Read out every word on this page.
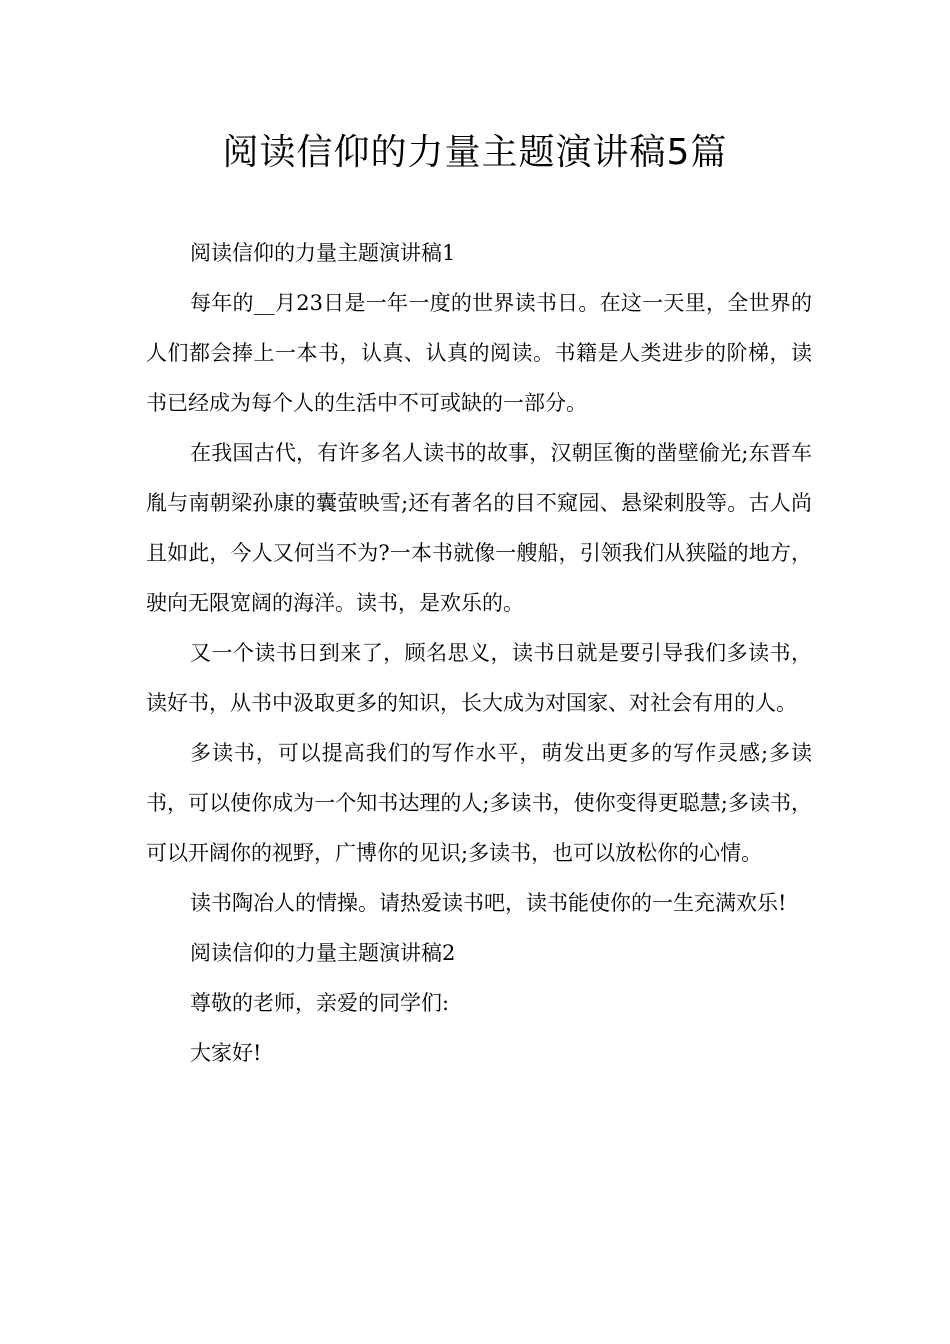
阅读信仰的力量主题演讲稿5篇

阅读信仰的力量主题演讲稿1

每年的__月23日是一年一度的世界读书日。在这一天里，全世界的人们都会捧上一本书，认真、认真的阅读。书籍是人类进步的阶梯，读书已经成为每个人的生活中不可或缺的一部分。

在我国古代，有许多名人读书的故事，汉朝匡衡的凿壁偷光;东晋车胤与南朝梁孙康的囊萤映雪;还有著名的目不窥园、悬梁刺股等。古人尚且如此，今人又何当不为?一本书就像一艘船，引领我们从狭隘的地方，驶向无限宽阔的海洋。读书，是欢乐的。

又一个读书日到来了，顾名思义，读书日就是要引导我们多读书，读好书，从书中汲取更多的知识，长大成为对国家、对社会有用的人。

多读书，可以提高我们的写作水平，萌发出更多的写作灵感;多读书，可以使你成为一个知书达理的人;多读书，使你变得更聪慧;多读书，可以开阔你的视野，广博你的见识;多读书，也可以放松你的心情。

读书陶冶人的情操。请热爱读书吧，读书能使你的一生充满欢乐!

阅读信仰的力量主题演讲稿2

尊敬的老师，亲爱的同学们:

大家好!
